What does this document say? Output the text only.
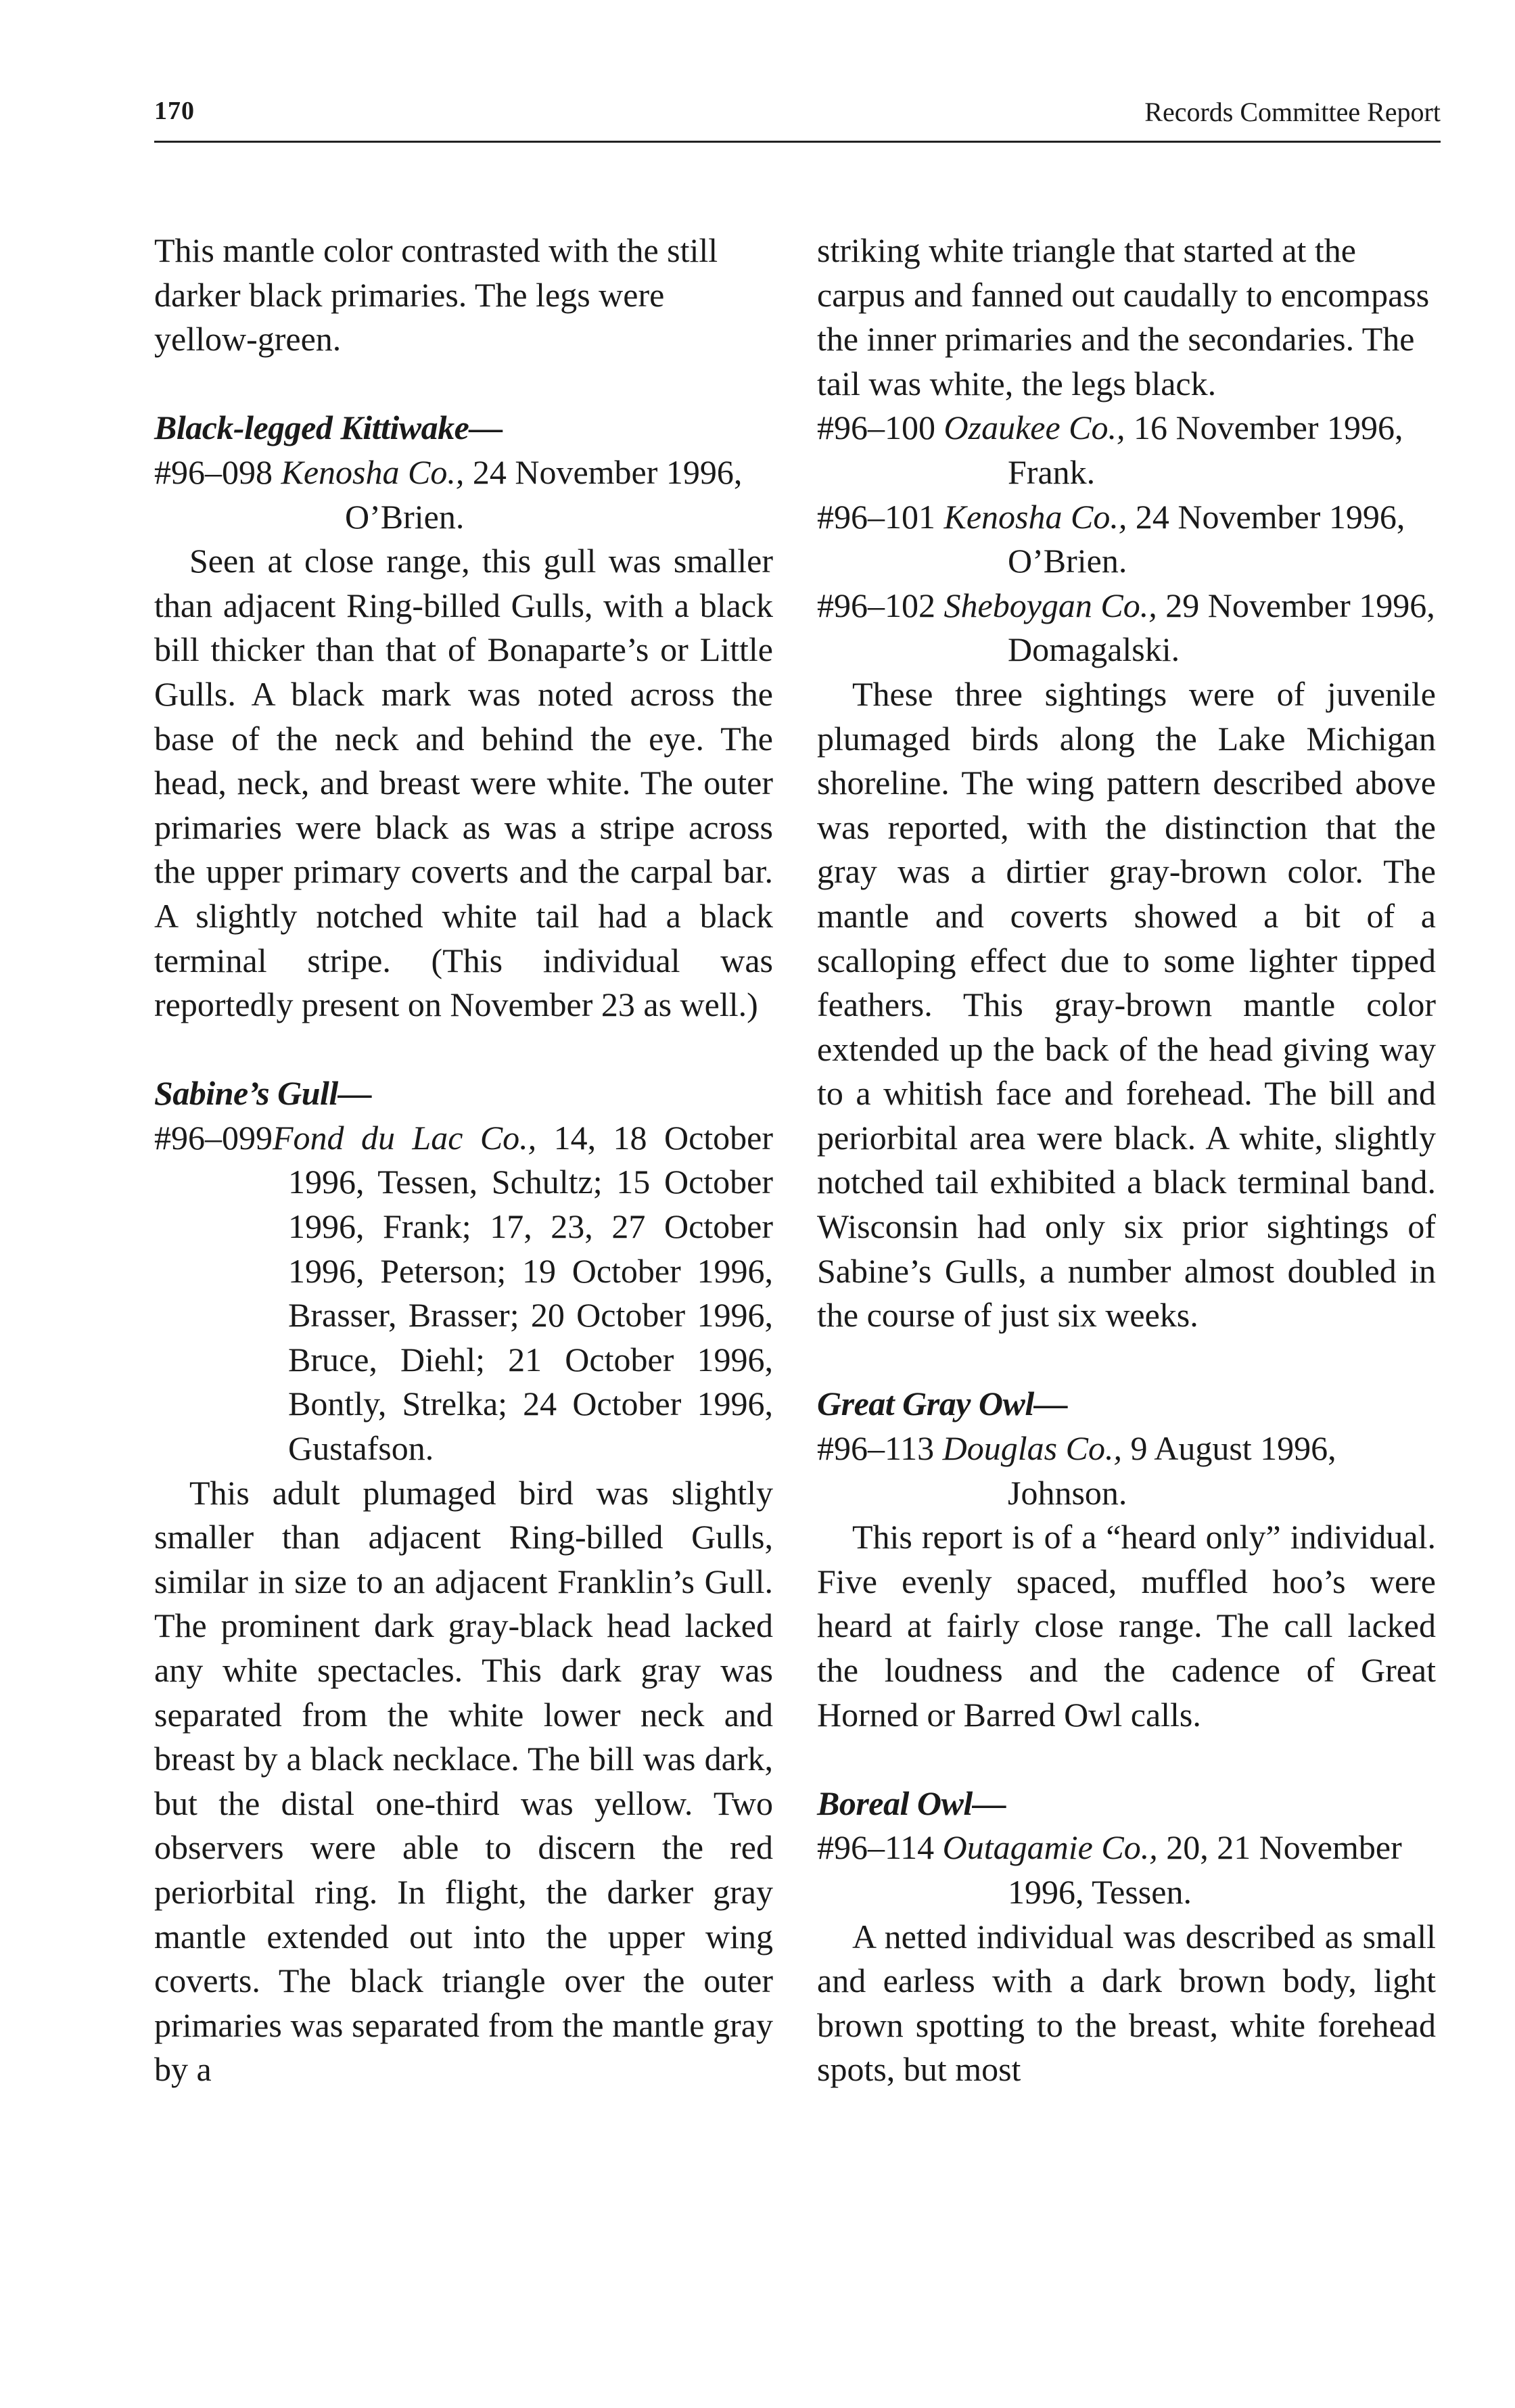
170	Records Committee Report

This mantle color contrasted with the still darker black primaries. The legs were yellow-green.

Black-legged Kittiwake—

#96–098 Kenosha Co., 24 November 1996, O’Brien.

Seen at close range, this gull was smaller than adjacent Ring-billed Gulls, with a black bill thicker than that of Bonaparte’s or Little Gulls. A black mark was noted across the base of the neck and behind the eye. The head, neck, and breast were white. The outer primaries were black as was a stripe across the upper primary coverts and the carpal bar. A slightly notched white tail had a black terminal stripe. (This individual was reportedly present on November 23 as well.)

Sabine’s Gull—

#96–099Fond du Lac Co., 14, 18 October 1996, Tessen, Schultz; 15 October 1996, Frank; 17, 23, 27 October 1996, Peterson; 19 October 1996, Brasser, Brasser; 20 October 1996, Bruce, Diehl; 21 October 1996, Bontly, Strelka; 24 October 1996, Gustafson.

This adult plumaged bird was slightly smaller than adjacent Ring-billed Gulls, similar in size to an adjacent Franklin’s Gull. The prominent dark gray-black head lacked any white spectacles. This dark gray was separated from the white lower neck and breast by a black necklace. The bill was dark, but the distal one-third was yellow. Two observers were able to discern the red periorbital ring. In flight, the darker gray mantle extended out into the upper wing coverts. The black triangle over the outer primaries was separated from the mantle gray by a

striking white triangle that started at the carpus and fanned out caudally to encompass the inner primaries and the secondaries. The tail was white, the legs black.

#96–100 Ozaukee Co., 16 November 1996, Frank.

#96–101 Kenosha Co., 24 November 1996, O’Brien.

#96–102 Sheboygan Co., 29 November 1996, Domagalski.

These three sightings were of juvenile plumaged birds along the Lake Michigan shoreline. The wing pattern described above was reported, with the distinction that the gray was a dirtier gray-brown color. The mantle and coverts showed a bit of a scalloping effect due to some lighter tipped feathers. This gray-brown mantle color extended up the back of the head giving way to a whitish face and forehead. The bill and periorbital area were black. A white, slightly notched tail exhibited a black terminal band. Wisconsin had only six prior sightings of Sabine’s Gulls, a number almost doubled in the course of just six weeks.

Great Gray Owl—

#96–113 Douglas Co., 9 August 1996, Johnson.

This report is of a “heard only” individual. Five evenly spaced, muffled hoo’s were heard at fairly close range. The call lacked the loudness and the cadence of Great Horned or Barred Owl calls.

Boreal Owl—

#96–114 Outagamie Co., 20, 21 November 1996, Tessen.

A netted individual was described as small and earless with a dark brown body, light brown spotting to the breast, white forehead spots, but most
